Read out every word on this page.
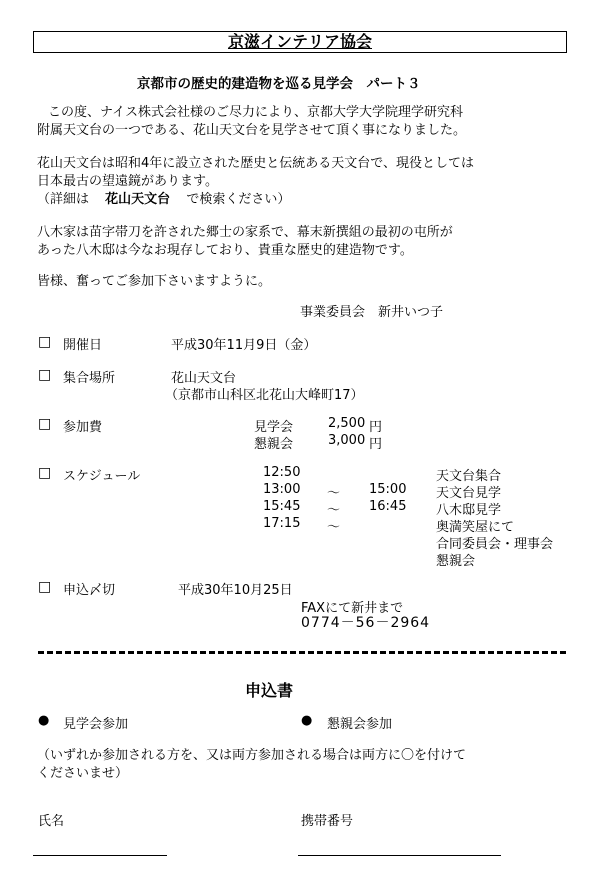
京滋インテリア協会
京都市の歴史的建造物を巡る見学会　パート３
この度、ナイス株式会社様のご尽力により、京都大学大学院理学研究科
附属天文台の一つである、花山天文台を見学させて頂く事になりました。
花山天文台は昭和4年に設立された歴史と伝統ある天文台で、現役としては
日本最古の望遠鏡があります。
（詳細は 花山天文台 で検索ください）
八木家は苗字帯刀を許された郷士の家系で、幕末新撰組の最初の屯所が
あった八木邸は今なお現存しており、貴重な歴史的建造物です。
皆様、奮ってご参加下さいますように。
事業委員会　新井いつ子
□ 開催日	平成30年11月9日（金）
□ 集合場所	花山天文台
（京都市山科区北花山大峰町17）
□ 参加費	見学会	2,500 円
懇親会	3,000 円
□ スケジュール	12:50	天文台集合
13:00 〜 15:00 天文台見学
15:45 〜 16:45 八木邸見学
17:15 〜	奥満笑屋にて
合同委員会・理事会
懇親会
□ 申込〆切	平成30年10月25日
FAXにて新井まで
0774－56－2964
申込書
● 見学会参加	● 懇親会参加
（いずれか参加される方を、又は両方参加される場合は両方に〇を付けて
くださいませ）
氏名	携帯番号
